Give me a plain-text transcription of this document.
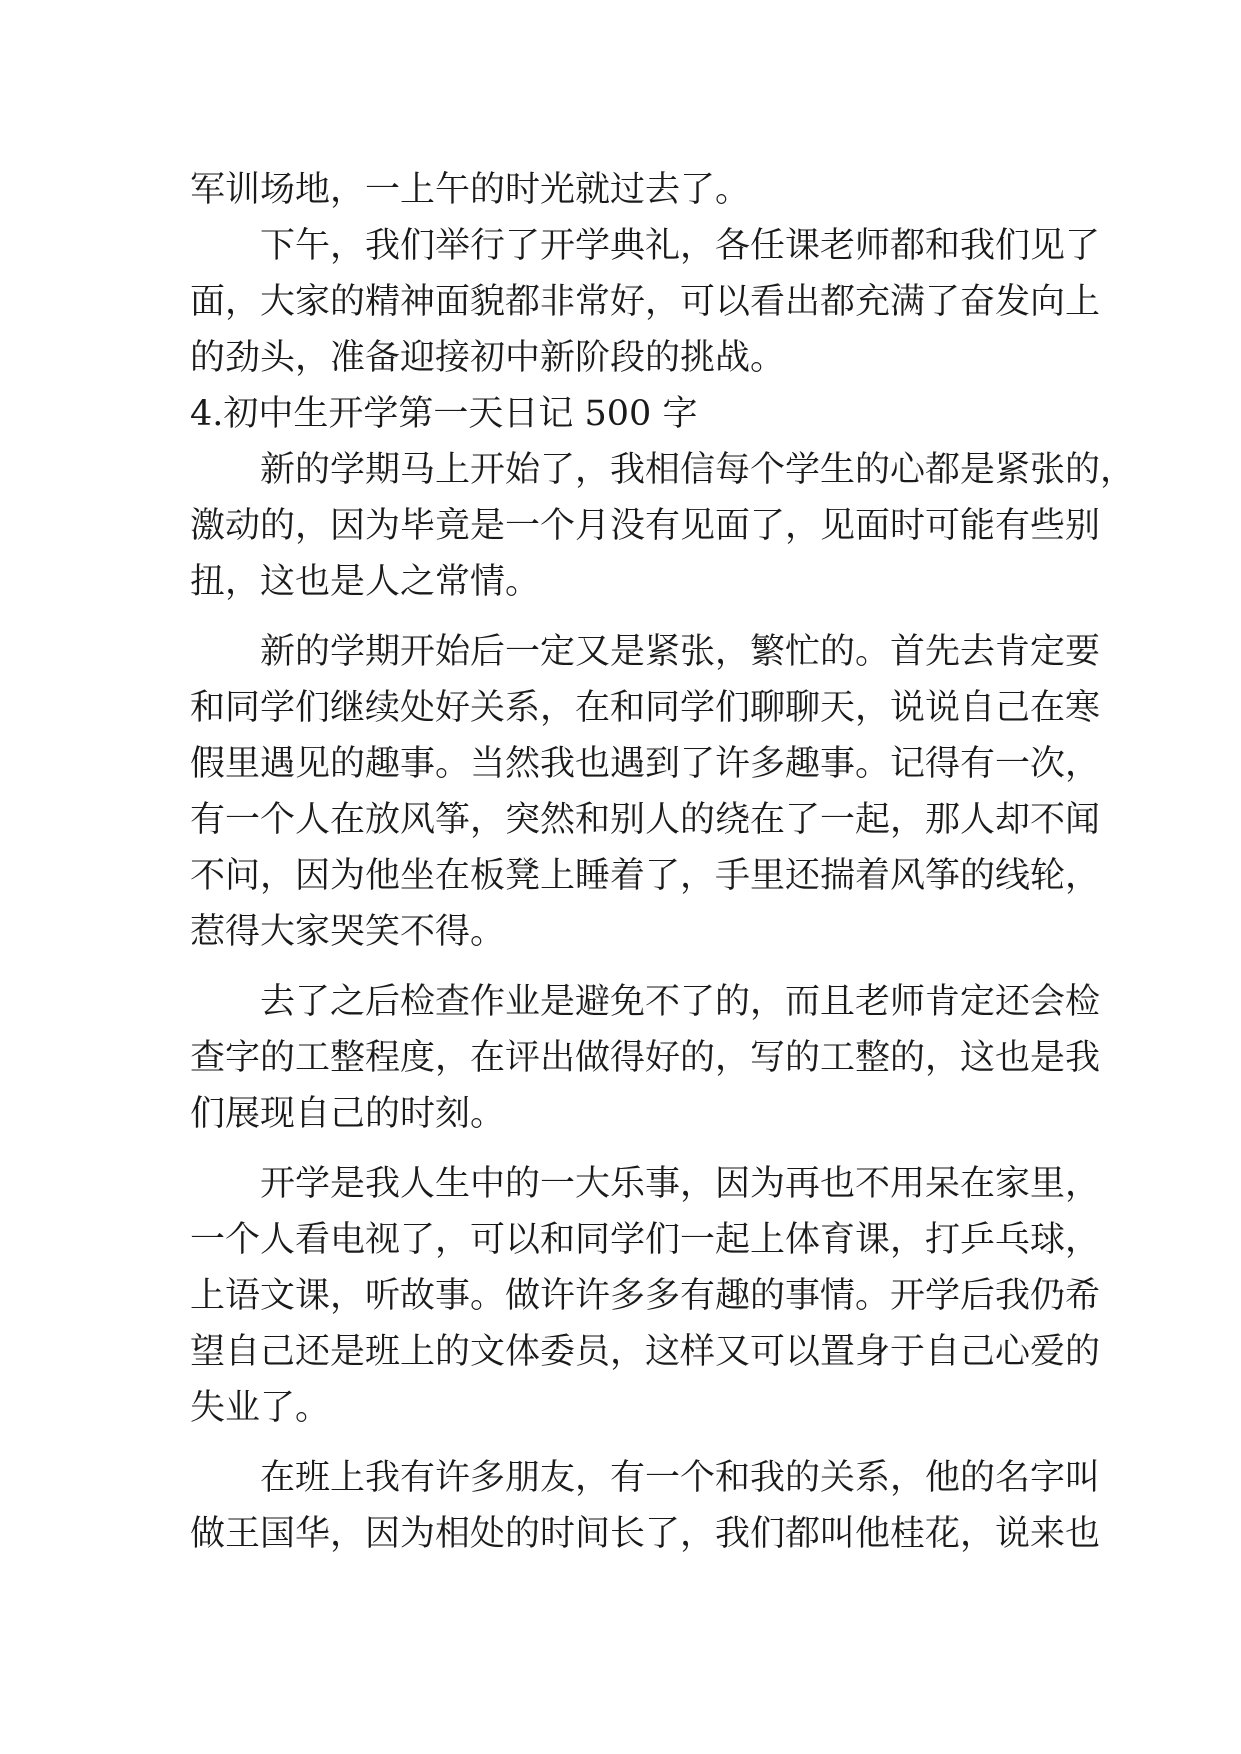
军训场地，一上午的时光就过去了。
下午，我们举行了开学典礼，各任课老师都和我们见了
面，大家的精神面貌都非常好，可以看出都充满了奋发向上
的劲头，准备迎接初中新阶段的挑战。
4.初中生开学第一天日记 500 字
新的学期马上开始了，我相信每个学生的心都是紧张的，
激动的，因为毕竟是一个月没有见面了，见面时可能有些别
扭，这也是人之常情。
新的学期开始后一定又是紧张，繁忙的。首先去肯定要
和同学们继续处好关系，在和同学们聊聊天，说说自己在寒
假里遇见的趣事。当然我也遇到了许多趣事。记得有一次，
有一个人在放风筝，突然和别人的绕在了一起，那人却不闻
不问，因为他坐在板凳上睡着了，手里还揣着风筝的线轮，
惹得大家哭笑不得。
去了之后检查作业是避免不了的，而且老师肯定还会检
查字的工整程度，在评出做得好的，写的工整的，这也是我
们展现自己的时刻。
开学是我人生中的一大乐事，因为再也不用呆在家里，
一个人看电视了，可以和同学们一起上体育课，打乒乓球，
上语文课，听故事。做许许多多有趣的事情。开学后我仍希
望自己还是班上的文体委员，这样又可以置身于自己心爱的
失业了。
在班上我有许多朋友，有一个和我的关系，他的名字叫
做王国华，因为相处的时间长了，我们都叫他桂花，说来也
